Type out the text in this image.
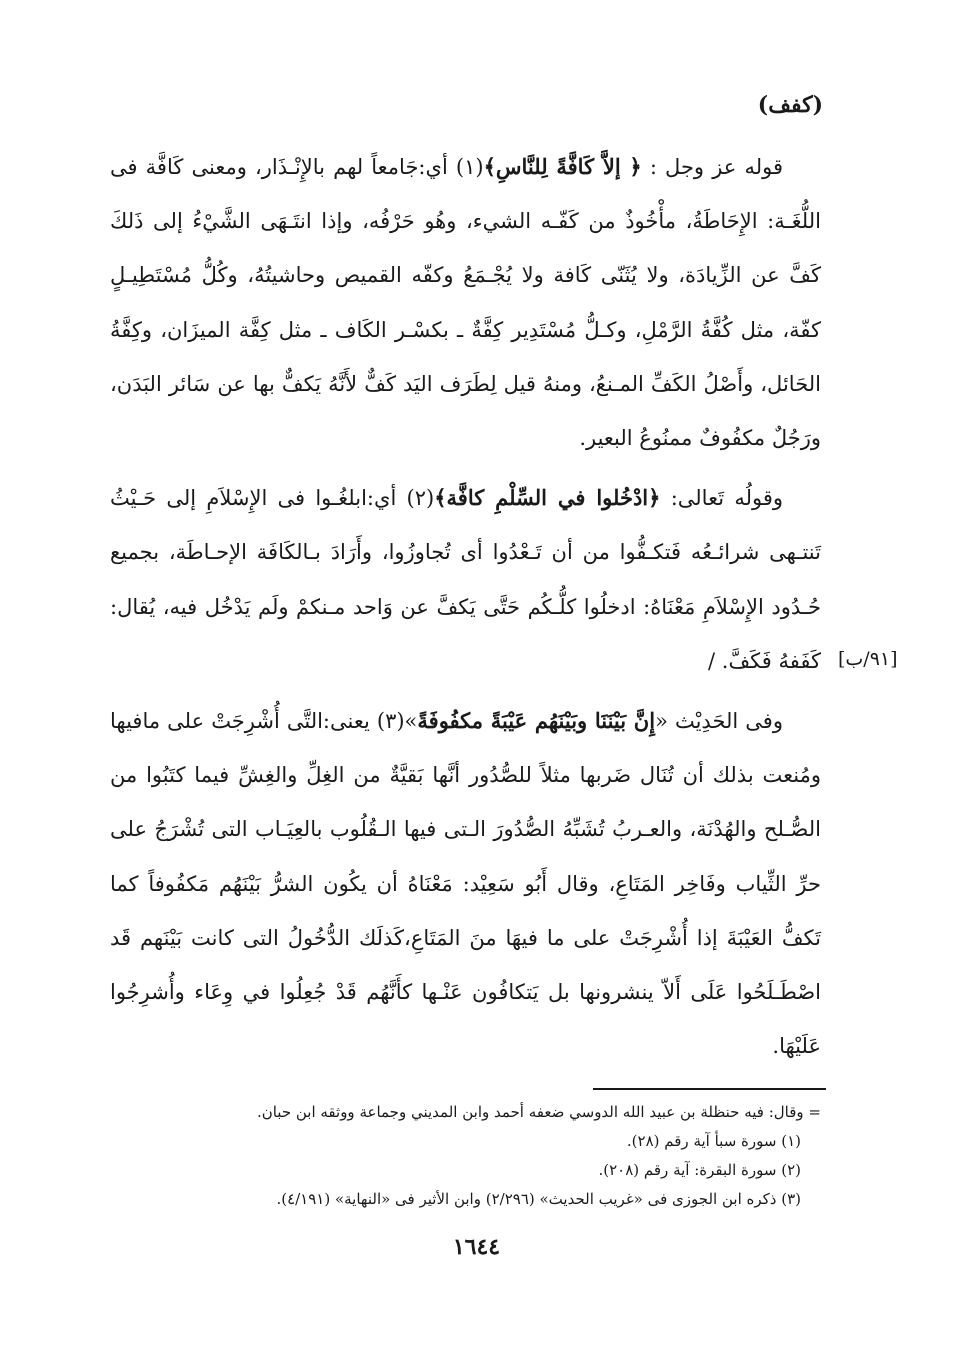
(كفف)

قوله عز وجل : ﴿ إلاَّ كَافَّةً لِلنَّاسِ﴾(١) أي:جَامعاً لهم بالإِنْـذَار، ومعنى كَافَّة فى اللُّغَـة: الإِحَاطَةُ، مأْخُوذٌ من كَفّـه الشيء، وهُو حَرْفُه، وإذا انتَـهَى الشَّيْءُ إلى ذَلكَ كَفَّ عن الزِّيادَة، ولا يُثَنّى كَافة ولا يُجْـمَعُ وكفّه القميص وحاشيتُهُ، وكُلُّ مُسْتَطِيـلٍ كفّة، مثل كُفَّةُ الرَّمْلِ، وكـلُّ مُسْتَدِير كِفَّةٌ ـ بكسْـر الكَاف ـ مثل كِفَّة الميزَان، وكِفَّةُ الحَائل، وأَصْلُ الكَفِّ المـنعُ، ومنهُ قيل لِطَرَف اليَد كَفٌّ لأَنَّهُ يَكفٌّ بها عن سَائر البَدَن، ورَجُلٌ مكفُوفٌ ممنُوعُ البعير.

وقولُه تَعالى: ﴿ادْخُلوا في السِّلْمِ كافَّة﴾(٢) أي:ابلغُـوا فى الإِسْلاَمِ إلى حَـيْثُ تَنتـهى شرائـعُه فَتكـفُّوا من أن تَـعْدُوا أى تُجاوزُوا، وأَرَادَ بـالكَافَة الإحـاطَة، بجميع حُـدُود الإِسْلاَمِ مَعْنَاهُ: ادخلُوا كلُّـكُم حَتَّى يَكفَّ عن وَاحد مـنكمْ ولَم يَدْخُل فيه، يُقال: كَفَفهُ فَكَفَّ. /

وفى الحَدِيْث «إِنَّ بَيْنَنَا وبَيْنَهُم عَيْبَةً مكفُوفَةً»(٣) يعنى:التَّى أُشْرِجَتْ على مافيها ومُنعت بذلك أن تُنَال ضَربها مثلاً للصُّدُور أنَّها بَقيَّةٌ من الغِلِّ والغِشِّ فيما كتَبُوا من الصُّـلح والهُدْنَة، والعـربُ تُشَبِّهُ الصُّدُورَ الـتى فيها الـقُلُوب بالعِيَـاب التى تُشْرَجُ على حرِّ الثِّياب وفَاخِر المَتَاعِ، وقال أَبُو سَعِيْد: مَعْنَاهُ أن يكُون الشرُّ بَيْنَهُم مَكفُوفاً كما تَكفُّ العَيْبَةَ إذا أُشْرِجَتْ على ما فيهَا منَ المَتَاعِ،كَذلَك الدُّخُولُ التى كانت بَيْنَهم قَد اصْطَـلَحُوا عَلَى أَلاّ ينشرونها بل يَتكافُون عَنْـها كأَنَّهُم قَدْ جُعِلُوا في وِعَاء وأُشرِجُوا عَلَيْهَا.

[٩١/ب]
= وقال: فيه حنظلة بن عبيد الله الدوسي ضعفه أحمد وابن المديني وجماعة ووثقه ابن حبان.
(١) سورة سبأ آية رقم (٢٨).
(٢) سورة البقرة: آية رقم (٢٠٨).
(٣) ذكره ابن الجوزى فى «غريب الحديث» (٢/٢٩٦) وابن الأثير فى «النهاية» (٤/١٩١).
١٦٤٤
